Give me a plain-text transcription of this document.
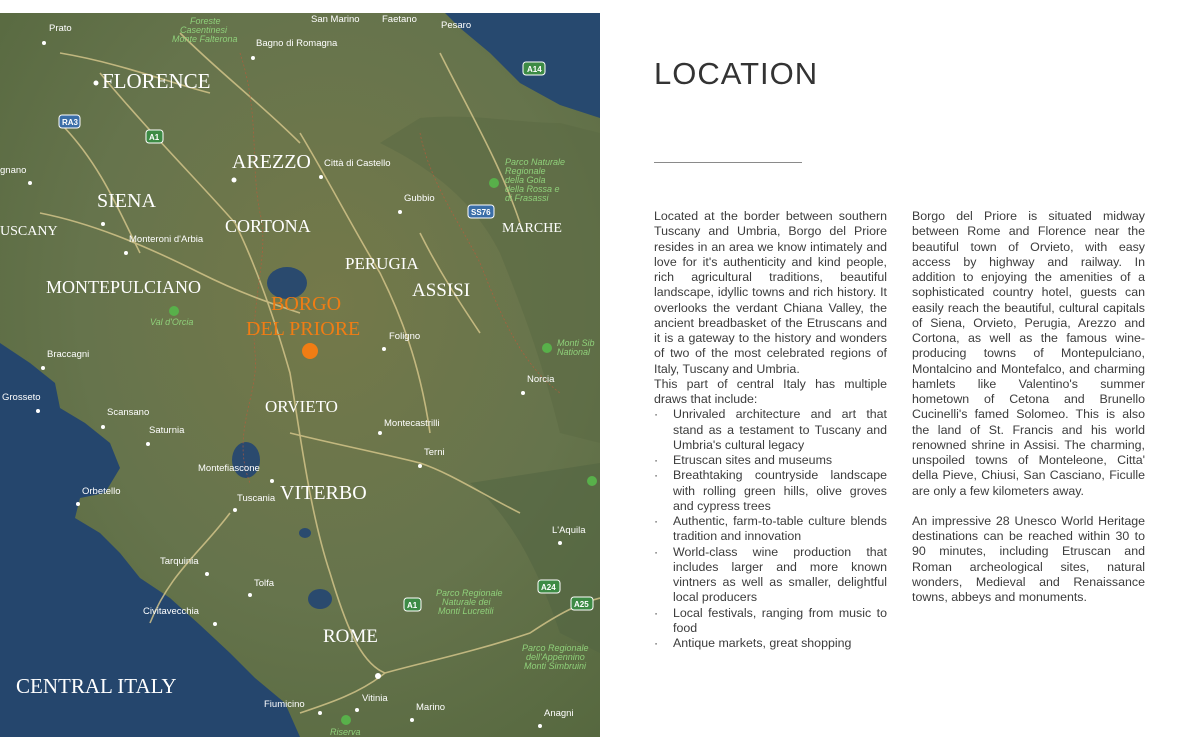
FLORENCE
AREZZO
SIENA
CORTONA
PERUGIA
ASSISI
MONTEPULCIANO
ORVIETO
VITERBO
ROME
MARCHE
USCANY
BORGO
DEL PRIORE
CENTRAL ITALY
Prato
Foreste
Casentinesi
Monte Falterona
San Marino Faetano
Pesaro
Bagno di Romagna
Città di Castello
Gubbio
Monteroni d'Arbia
Foligno
Val d'Orcia
Braccagni
Norcia
Grosseto
Scansano
Saturnia
Montecastrilli
Terni
Montefiascone
Orbetello
Tuscania
L'Aquila
Tarquinia
Tolfa
Civitavecchia
Fiumicino
Vitinia
Marino
Anagni
gnano
Riserva
Parco Naturale
Regionale
della Gola
della Rossa e
di Frasassi
Monti Sib
National
Parco Regionale
Naturale dei
Monti Lucretili
Parco Regionale
dell'Appennino
Monti Simbruini
A14
RA3
A1
SS76
A24
A25
A1
LOCATION

Located at the border between southern Tuscany and Umbria, Borgo del Priore resides in an area we know intimately and love for it's authenticity and kind people, rich agricultural traditions, beautiful landscape, idyllic towns and rich history. It overlooks the verdant Chiana Valley, the ancient breadbasket of the Etruscans and it is a gateway to the history and wonders of two of the most celebrated regions of Italy, Tuscany and Umbria.

This part of central Italy has multiple draws that include:

· Unrivaled architecture and art that stand as a testament to Tuscany and Umbria's cultural legacy
· Etruscan sites and museums
· Breathtaking countryside landscape with rolling green hills, olive groves and cypress trees
· Authentic, farm-to-table culture blends tradition and innovation
· World-class wine production that includes larger and more known vintners as well as smaller, delightful local producers
· Local festivals, ranging from music to food
· Antique markets, great shopping

Borgo del Priore is situated midway between Rome and Florence near the beautiful town of Orvieto, with easy access by highway and railway. In addition to enjoying the amenities of a sophisticated country hotel, guests can easily reach the beautiful, cultural capitals of Siena, Orvieto, Perugia, Arezzo and Cortona, as well as the famous wine-producing towns of Montepulciano, Montalcino and Montefalco, and charming hamlets like Valentino's summer hometown of Cetona and Brunello Cucinelli's famed Solomeo. This is also the land of St. Francis and his world renowned shrine in Assisi. The charming, unspoiled towns of Monteleone, Citta' della Pieve, Chiusi, San Casciano, Ficulle are only a few kilometers away.

An impressive 28 Unesco World Heritage destinations can be reached within 30 to 90 minutes, including Etruscan and Roman archeological sites, natural wonders, Medieval and Renaissance towns, abbeys and monuments.
